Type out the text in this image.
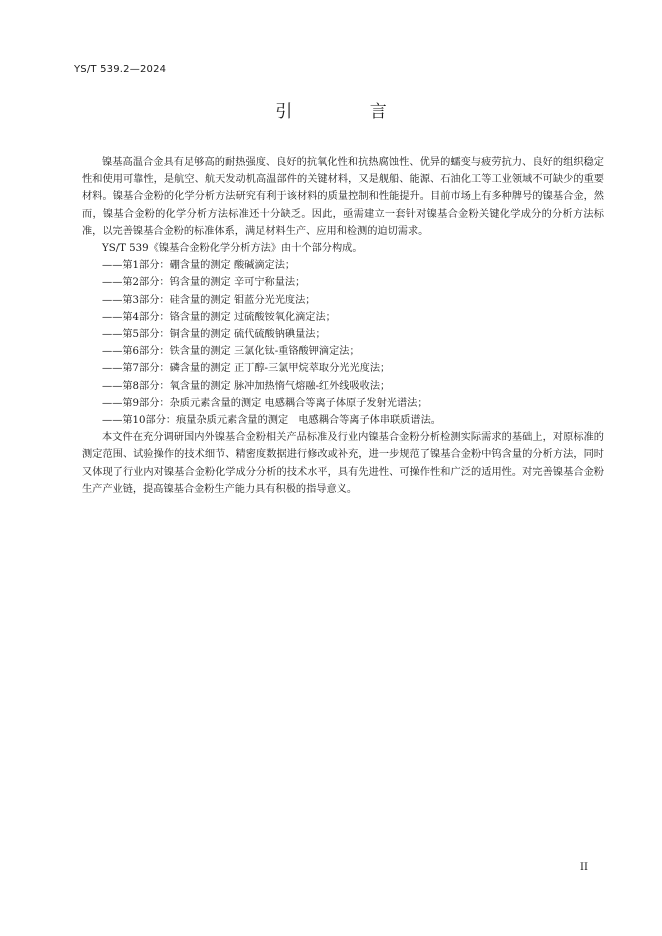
YS/T 539.2—2024
引 言

镍基高温合金具有足够高的耐热强度、良好的抗氧化性和抗热腐蚀性、优异的蠕变与疲劳抗力、良好的组织稳定性和使用可靠性，是航空、航天发动机高温部件的关键材料，又是舰船、能源、石油化工等工业领域不可缺少的重要材料。镍基合金粉的化学分析方法研究有利于该材料的质量控制和性能提升。目前市场上有多种牌号的镍基合金，然而，镍基合金粉的化学分析方法标准还十分缺乏。因此，亟需建立一套针对镍基合金粉关键化学成分的分析方法标准，以完善镍基合金粉的标准体系，满足材料生产、应用和检测的迫切需求。

YS/T 539《镍基合金粉化学分析方法》由十个部分构成。

——第1部分：硼含量的测定 酸碱滴定法；
——第2部分：钨含量的测定 辛可宁称量法；
——第3部分：硅含量的测定 钼蓝分光光度法；
——第4部分：铬含量的测定 过硫酸铵氧化滴定法；
——第5部分：铜含量的测定 硫代硫酸钠碘量法；
——第6部分：铁含量的测定 三氯化钛-重铬酸钾滴定法；
——第7部分：磷含量的测定 正丁醇-三氯甲烷萃取分光光度法；
——第8部分：氧含量的测定 脉冲加热惰气熔融-红外线吸收法；
——第9部分：杂质元素含量的测定 电感耦合等离子体原子发射光谱法；
——第10部分：痕量杂质元素含量的测定　电感耦合等离子体串联质谱法。

本文件在充分调研国内外镍基合金粉相关产品标准及行业内镍基合金粉分析检测实际需求的基础上，对原标准的测定范围、试验操作的技术细节、精密度数据进行修改或补充，进一步规范了镍基合金粉中钨含量的分析方法，同时又体现了行业内对镍基合金粉化学成分分析的技术水平，具有先进性、可操作性和广泛的适用性。对完善镍基合金粉生产产业链，提高镍基合金粉生产能力具有积极的指导意义。

II
